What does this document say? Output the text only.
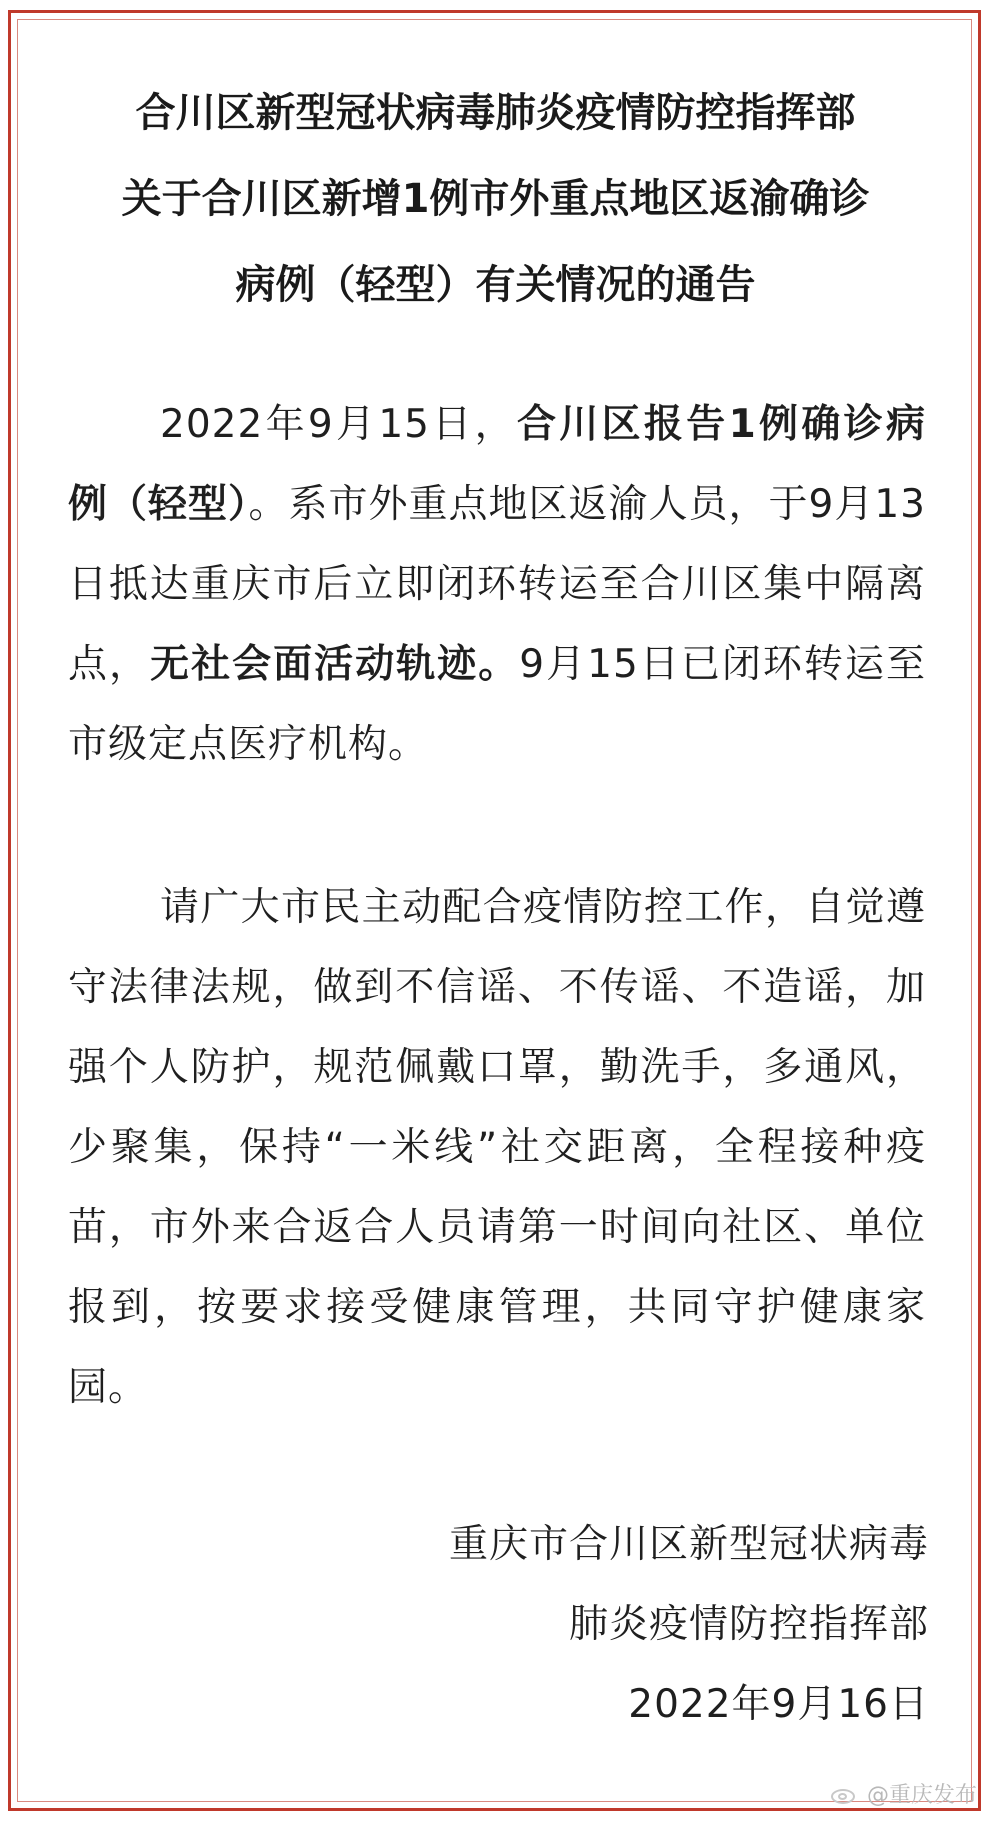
合川区新型冠状病毒肺炎疫情防控指挥部
关于合川区新增1例市外重点地区返渝确诊
病例（轻型）有关情况的通告
2022年9月15日，合川区报告1例确诊病例（轻型）。系市外重点地区返渝人员，于9月13日抵达重庆市后立即闭环转运至合川区集中隔离点，无社会面活动轨迹。9月15日已闭环转运至市级定点医疗机构。
请广大市民主动配合疫情防控工作，自觉遵守法律法规，做到不信谣、不传谣、不造谣，加强个人防护，规范佩戴口罩，勤洗手，多通风，少聚集，保持“一米线”社交距离，全程接种疫苗，市外来合返合人员请第一时间向社区、单位报到，按要求接受健康管理，共同守护健康家园。
重庆市合川区新型冠状病毒
肺炎疫情防控指挥部
2022年9月16日
@重庆发布
